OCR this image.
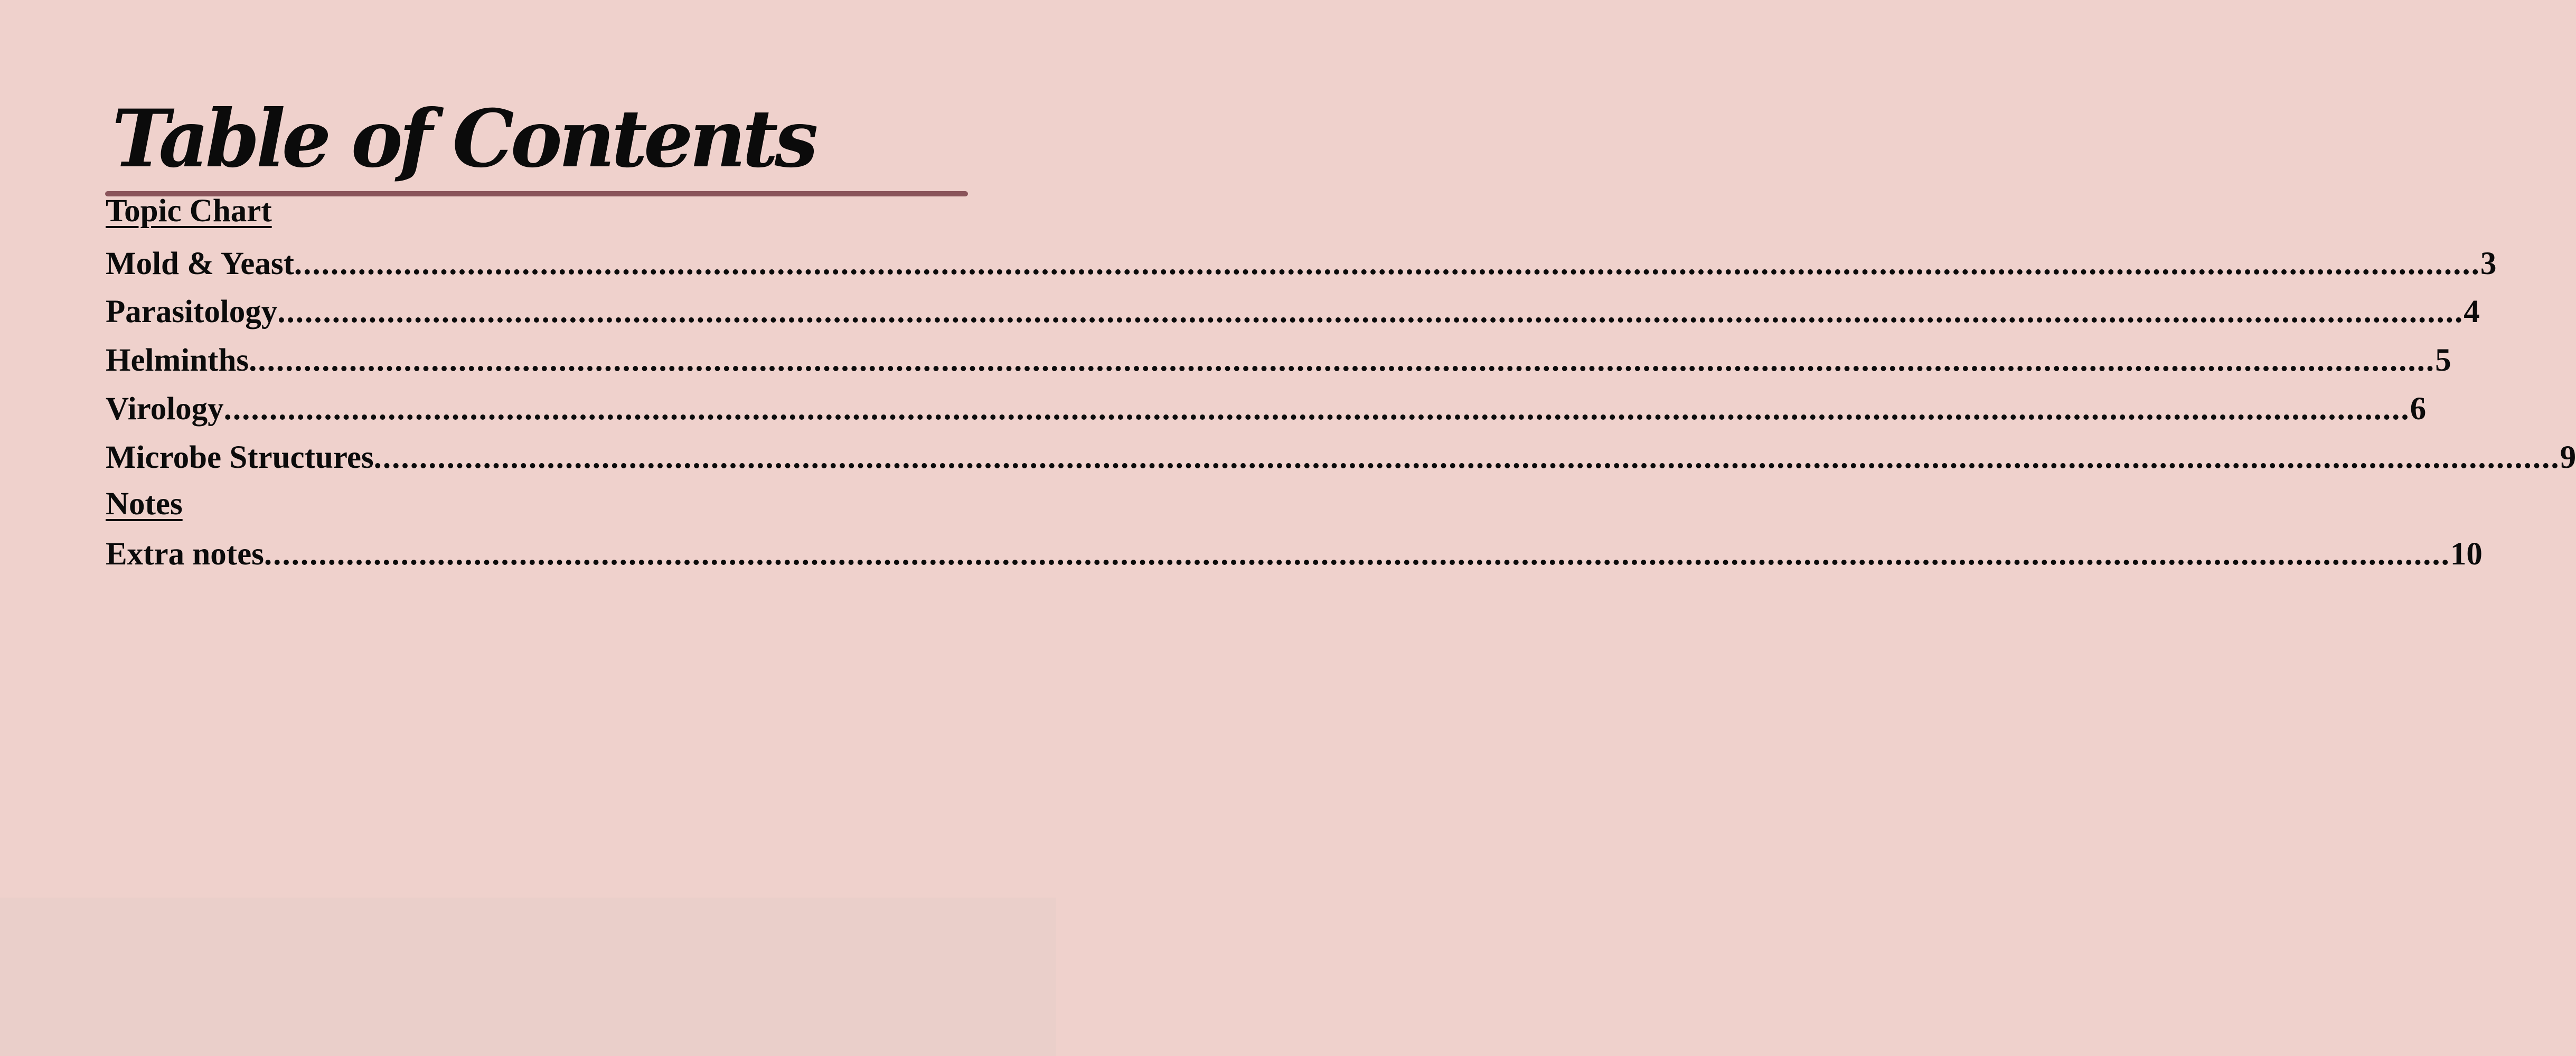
Table of Contents
Topic Chart
Mold & Yeast ................................................................................................................................................................................................................................................ 3
Parasitology ................................................................................................................................................................................................................................................ 4
Helminths ................................................................................................................................................................................................................................................ 5
Virology ................................................................................................................................................................................................................................................ 6
Microbe Structures ................................................................................................................................................................................................................................................ 9
Notes
Extra notes ................................................................................................................................................................................................................................................ 10
